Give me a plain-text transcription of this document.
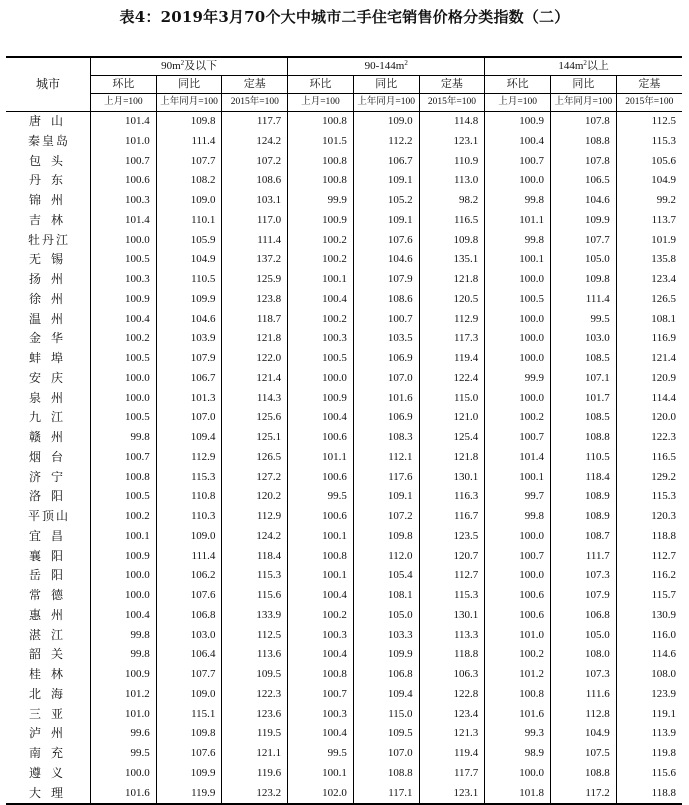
表4：2019年3月70个大中城市二手住宅销售价格分类指数（二）
城市	$90m^2$及以下			$90-144m^2$			$144m^2$以上		
	环比	同比	定基	环比	同比	定基	环比	同比	定基
	上月=100	上年同月=100	2015年=100	上月=100	上年同月=100	2015年=100	上月=100	上年同月=100	2015年=100
唐山	101.4	109.8	117.7	100.8	109.0	114.8	100.9	107.8	112.5
秦皇岛	101.0	111.4	124.2	101.5	112.2	123.1	100.4	108.8	115.3
包头	100.7	107.7	107.2	100.8	106.7	110.9	100.7	107.8	105.6
丹东	100.6	108.2	108.6	100.8	109.1	113.0	100.0	106.5	104.9
锦州	100.3	109.0	103.1	99.9	105.2	98.2	99.8	104.6	99.2
吉林	101.4	110.1	117.0	100.9	109.1	116.5	101.1	109.9	113.7
牡丹江	100.0	105.9	111.4	100.2	107.6	109.8	99.8	107.7	101.9
无锡	100.5	104.9	137.2	100.2	104.6	135.1	100.1	105.0	135.8
扬州	100.3	110.5	125.9	100.1	107.9	121.8	100.0	109.8	123.4
徐州	100.9	109.9	123.8	100.4	108.6	120.5	100.5	111.4	126.5
温州	100.4	104.6	118.7	100.2	100.7	112.9	100.0	99.5	108.1
金华	100.2	103.9	121.8	100.3	103.5	117.3	100.0	103.0	116.9
蚌埠	100.5	107.9	122.0	100.5	106.9	119.4	100.0	108.5	121.4
安庆	100.0	106.7	121.4	100.0	107.0	122.4	99.9	107.1	120.9
泉州	100.0	101.3	114.3	100.9	101.6	115.0	100.0	101.7	114.4
九江	100.5	107.0	125.6	100.4	106.9	121.0	100.2	108.5	120.0
赣州	99.8	109.4	125.1	100.6	108.3	125.4	100.7	108.8	122.3
烟台	100.7	112.9	126.5	101.1	112.1	121.8	101.4	110.5	116.5
济宁	100.8	115.3	127.2	100.6	117.6	130.1	100.1	118.4	129.2
洛阳	100.5	110.8	120.2	99.5	109.1	116.3	99.7	108.9	115.3
平顶山	100.2	110.3	112.9	100.6	107.2	116.7	99.8	108.9	120.3
宜昌	100.1	109.0	124.2	100.1	109.8	123.5	100.0	108.7	118.8
襄阳	100.9	111.4	118.4	100.8	112.0	120.7	100.7	111.7	112.7
岳阳	100.0	106.2	115.3	100.1	105.4	112.7	100.0	107.3	116.2
常德	100.0	107.6	115.6	100.4	108.1	115.3	100.6	107.9	115.7
惠州	100.4	106.8	133.9	100.2	105.0	130.1	100.6	106.8	130.9
湛江	99.8	103.0	112.5	100.3	103.3	113.3	101.0	105.0	116.0
韶关	99.8	106.4	113.6	100.4	109.9	118.8	100.2	108.0	114.6
桂林	100.9	107.7	109.5	100.8	106.8	106.3	101.2	107.3	108.0
北海	101.2	109.0	122.3	100.7	109.4	122.8	100.8	111.6	123.9
三亚	101.0	115.1	123.6	100.3	115.0	123.4	101.6	112.8	119.1
泸州	99.6	109.8	119.5	100.4	109.5	121.3	99.3	104.9	113.9
南充	99.5	107.6	121.1	99.5	107.0	119.4	98.9	107.5	119.8
遵义	100.0	109.9	119.6	100.1	108.8	117.7	100.0	108.8	115.6
大理	101.6	119.9	123.2	102.0	117.1	123.1	101.8	117.2	118.8
